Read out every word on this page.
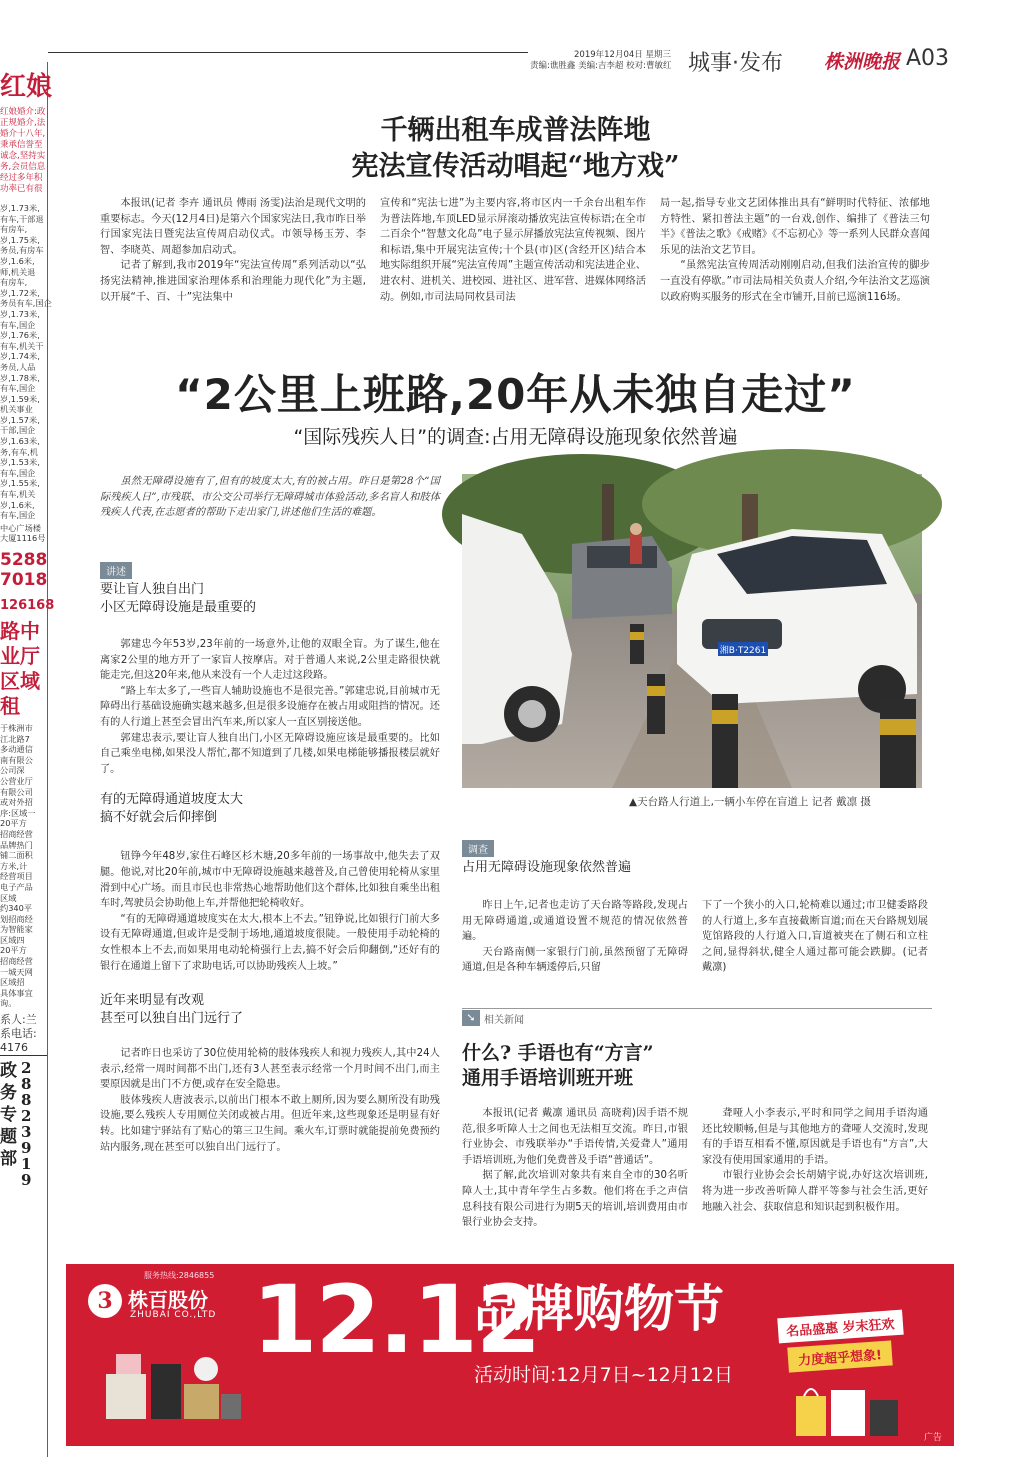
红娘
红娘婚介:政
正规婚介,法
婚介十八年,
秉承信誉至
诚念,坚持实
务,会员信息
经过多年积
功率已有很
岁,1.73米,
有车,干部退
有房车,
岁,1.75米,
务员,有房车
岁,1.6米,
师,机关退
有房车,
岁,1.72米,
务员有车,国企
岁,1.73米,
有车,国企
岁,1.76米,
有车,机关干
岁,1.74米,
务员,人品
岁,1.78米,
有车,国企
岁,1.59米,
机关事业
岁,1.57米,
干部,国企
岁,1.63米,
务,有车,机
岁,1.53米,
有车,国企
岁,1.55米,
有车,机关
岁,1.6米,
有车,国企
中心广场楼
大厦1116号
5288
7018
126168
路中
业厅
区域
租
于株洲市
江北路7
多动通信
南有限公
公司深
公营业厅
有限公司
或对外招
序:区域一
20平方
招商经营
品牌热门
铺二面积
方米,计
经营项目
电子产品
区域
约340平
划招商经
为智能家
区域四
20平方
招商经营
一城天网
区域招
具体事宜
询。
系人:兰
系电话:
4176
政
务
专
题
部
2
8
8
2
3
9
1
9
2019年12月04日 星期三
责编:谯胜鑫 美编:吉李超 校对:曹敏红 城事·发布 株洲晚报 A03
千辆出租车成普法阵地
宪法宣传活动唱起“地方戏”

本报讯(记者 李卉 通讯员 傅雨 汤雯)法治是现代文明的重要标志。今天(12月4日)是第六个国家宪法日,我市昨日举行国家宪法日暨宪法宣传周启动仪式。市领导杨玉芳、李智、李晓英、周超参加启动式。

记者了解到,我市2019年“宪法宣传周”系列活动以“弘扬宪法精神,推进国家治理体系和治理能力现代化”为主题,以开展“千、百、十”宪法集中

宣传和“宪法七进”为主要内容,将市区内一千余台出租车作为普法阵地,车顶LED显示屏滚动播放宪法宣传标语;在全市二百余个“智慧文化岛”电子显示屏播放宪法宣传视频、图片和标语,集中开展宪法宣传;十个县(市)区(含经开区)结合本地实际组织开展“宪法宣传周”主题宣传活动和宪法进企业、进农村、进机关、进校园、进社区、进军营、进媒体网络活动。例如,市司法局同枚县司法

局一起,指导专业文艺团体推出具有“鲜明时代特征、浓郁地方特性、紧扣普法主题”的一台戏,创作、编排了《普法三句半》《普法之歌》《戒赌》《不忘初心》等一系列人民群众喜闻乐见的法治文艺节目。

“虽然宪法宣传周活动刚刚启动,但我们法治宣传的脚步一直没有停歇。”市司法局相关负责人介绍,今年法治文艺巡演以政府购买服务的形式在全市铺开,目前已巡演116场。

“2公里上班路,20年从未独自走过”
“国际残疾人日”的调查:占用无障碍设施现象依然普遍
虽然无障碍设施有了,但有的坡度太大,有的被占用。昨日是第28个“国际残疾人日”,市残联、市公交公司举行无障碍城市体验活动,多名盲人和肢体残疾人代表,在志愿者的帮助下走出家门,讲述他们生活的难题。
讲述
要让盲人独自出门
小区无障碍设施是最重要的

郭建忠今年53岁,23年前的一场意外,让他的双眼全盲。为了谋生,他在离家2公里的地方开了一家盲人按摩店。对于普通人来说,2公里走路很快就能走完,但这20年来,他从来没有一个人走过这段路。

“路上车太多了,一些盲人辅助设施也不是很完善。”郭建忠说,目前城市无障碍出行基础设施确实越来越多,但是很多设施存在被占用或阻挡的情况。还有的人行道上甚至会冒出汽车来,所以家人一直区别接送他。

郭建忠表示,要让盲人独自出门,小区无障碍设施应该是最重要的。比如自己乘坐电梯,如果没人帮忙,都不知道到了几楼,如果电梯能够播报楼层就好了。

有的无障碍通道坡度太大
搞不好就会后仰摔倒

钮铮今年48岁,家住石峰区杉木塘,20多年前的一场事故中,他失去了双腿。他说,对比20年前,城市中无障碍设施越来越普及,自己曾使用轮椅从家里滑到中心广场。而且市民也非常热心地帮助他们这个群体,比如独自乘坐出租车时,驾驶员会协助他上车,并帮他把轮椅收好。

“有的无障碍通道坡度实在太大,根本上不去。”钮铮说,比如银行门前大多设有无障碍通道,但或许是受制于场地,通道坡度很陡。一般使用手动轮椅的女性根本上不去,而如果用电动轮椅强行上去,搞不好会后仰翻倒,“还好有的银行在通道上留下了求助电话,可以协助残疾人上坡。”

近年来明显有改观
甚至可以独自出门远行了

记者昨日也采访了30位使用轮椅的肢体残疾人和视力残疾人,其中24人表示,经常一周时间都不出门,还有3人甚至表示经常一个月时间不出门,而主要原因就是出门不方便,或存在安全隐患。

肢体残疾人唐波表示,以前出门根本不敢上厕所,因为要么厕所没有助残设施,要么残疾人专用厕位关闭或被占用。但近年来,这些现象还是明显有好转。比如建宁驿站有了贴心的第三卫生间。乘火车,订票时就能提前免费预约站内服务,现在甚至可以独自出门远行了。

湘B·T2261
▲天台路人行道上,一辆小车停在盲道上 记者 戴凛 摄
调查
占用无障碍设施现象依然普遍

昨日上午,记者也走访了天台路等路段,发现占用无障碍通道,或通道设置不规范的情况依然普遍。

天台路南侧一家银行门前,虽然预留了无障碍通道,但是各种车辆逶停后,只留

下了一个狭小的入口,轮椅难以通过;市卫健委路段的人行道上,多车直接截断盲道;而在天台路规划展览馆路段的人行道入口,盲道被夹在了侧石和立柱之间,显得斜状,健全人通过都可能会跌脚。(记者 戴凛)

➘ 相关新闻
什么? 手语也有“方言”
通用手语培训班开班

本报讯(记者 戴凛 通讯员 高晓莉)因手语不规范,很多听障人士之间也无法相互交流。昨日,市银行业协会、市残联举办“手语传情,关爱聋人”通用手语培训班,为他们免费普及手语“普通话”。

据了解,此次培训对象共有来自全市的30名听障人士,其中青年学生占多数。他们将在手之声信息科技有限公司进行为期5天的培训,培训费用由市银行业协会支持。

聋哑人小李表示,平时和同学之间用手语沟通还比较顺畅,但是与其他地方的聋哑人交流时,发现有的手语互相看不懂,原因就是手语也有“方言”,大家没有使用国家通用的手语。

市银行业协会会长胡婧宇说,办好这次培训班,将为进一步改善听障人群平等参与社会生活,更好地融入社会、获取信息和知识起到积极作用。

服务热线:2846855
3 株百股份
ZHUBAI CO.,LTD 12.12
品牌购物节
活动时间:12月7日~12月12日
名品盛惠 岁末狂欢
力度超乎想象!
广告
